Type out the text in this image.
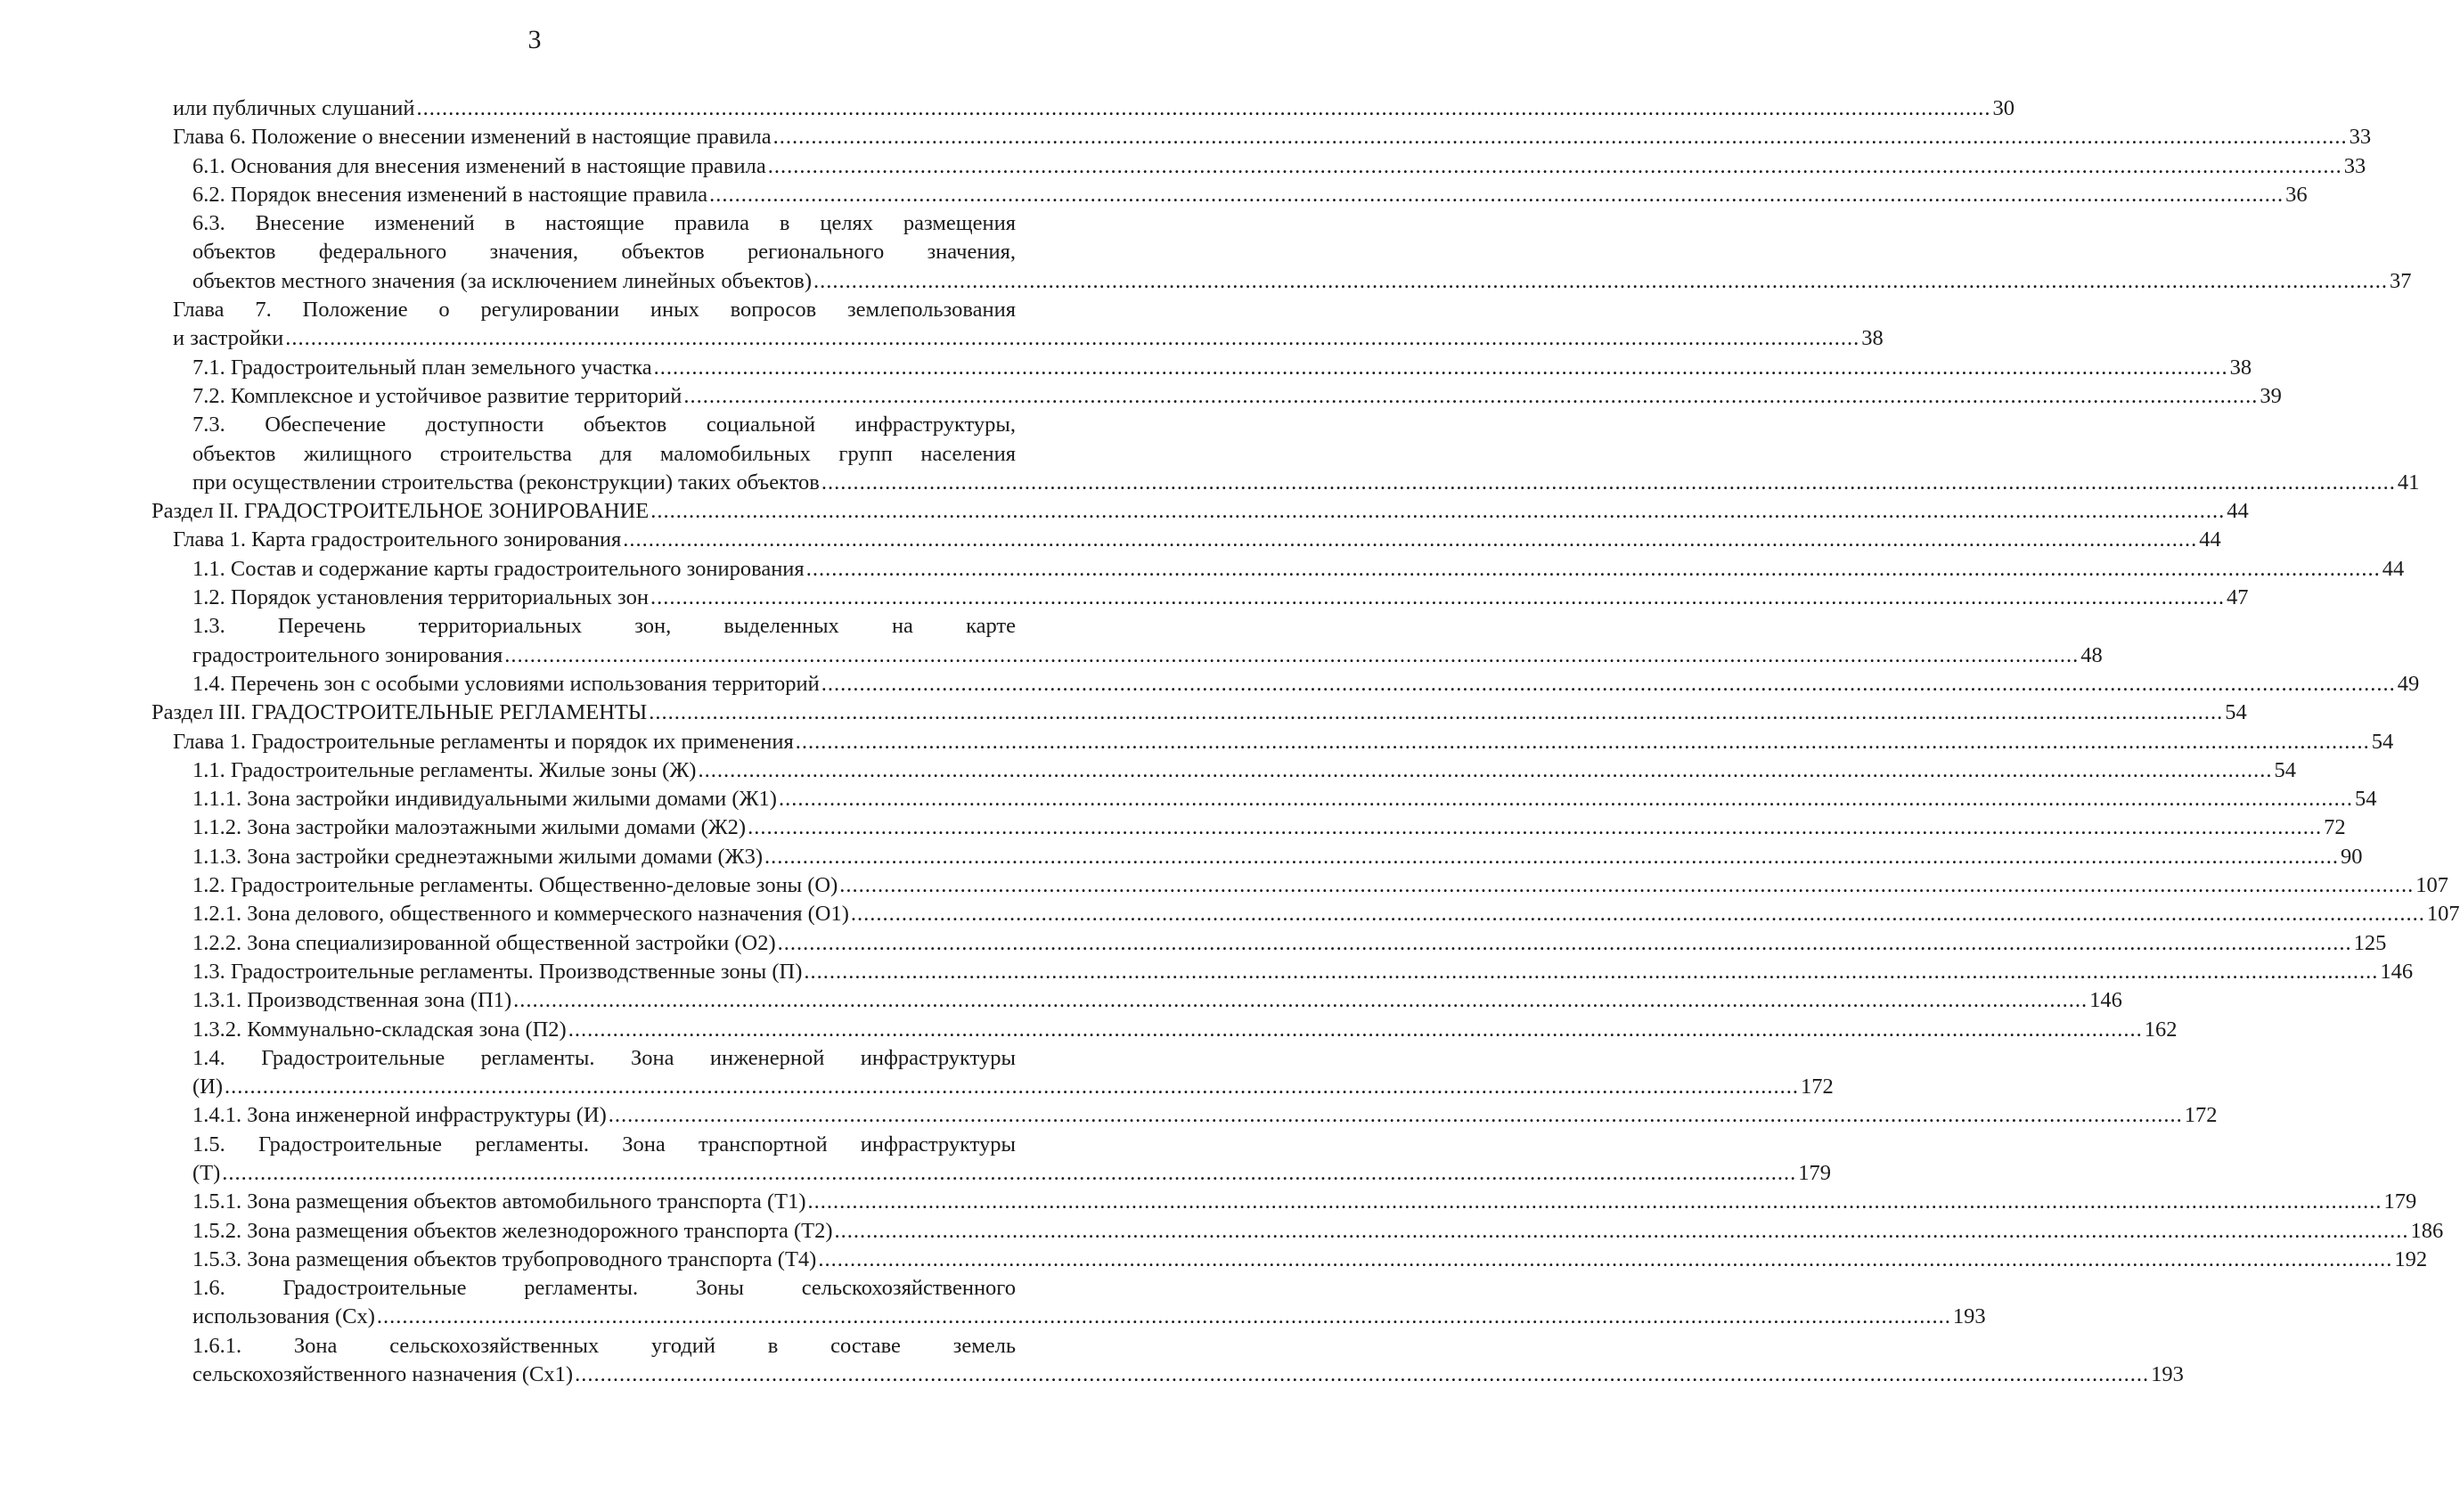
3
или публичных слушаний .....	30
Глава 6. Положение о внесении изменений в настоящие правила .....	33
6.1. Основания для внесения изменений в настоящие правила .....	33
6.2. Порядок внесения изменений в настоящие правила .....	36
6.3. Внесение изменений в настоящие правила в целях размещения
объектов федерального значения, объектов регионального значения,
объектов местного значения (за исключением линейных объектов) .....	37
Глава 7. Положение о регулировании иных вопросов землепользования
и застройки .....	38
7.1. Градостроительный план земельного участка .....	38
7.2. Комплексное и устойчивое развитие территорий .....	39
7.3. Обеспечение доступности объектов социальной инфраструктуры,
объектов жилищного строительства для маломобильных групп населения
при осуществлении строительства (реконструкции) таких объектов .....	41
Раздел II. ГРАДОСТРОИТЕЛЬНОЕ ЗОНИРОВАНИЕ .....	44
Глава 1. Карта градостроительного зонирования .....	44
1.1. Состав и содержание карты градостроительного зонирования .....	44
1.2. Порядок установления территориальных зон .....	47
1.3. Перечень территориальных зон, выделенных на карте
градостроительного зонирования .....	48
1.4. Перечень зон с особыми условиями использования территорий .....	49
Раздел III. ГРАДОСТРОИТЕЛЬНЫЕ РЕГЛАМЕНТЫ .....	54
Глава 1. Градостроительные регламенты и порядок их применения .....	54
1.1. Градостроительные регламенты. Жилые зоны (Ж) .....	54
1.1.1. Зона застройки индивидуальными жилыми домами (Ж1) .....	54
1.1.2. Зона застройки малоэтажными жилыми домами (Ж2) .....	72
1.1.3. Зона застройки среднеэтажными жилыми домами (Ж3) .....	90
1.2. Градостроительные регламенты. Общественно-деловые зоны (О) .....	107
1.2.1. Зона делового, общественного и коммерческого назначения (О1) .....	107
1.2.2. Зона специализированной общественной застройки (О2) .....	125
1.3. Градостроительные регламенты. Производственные зоны (П) .....	146
1.3.1. Производственная зона (П1) .....	146
1.3.2. Коммунально-складская зона (П2) .....	162
1.4. Градостроительные регламенты. Зона инженерной инфраструктуры
(И) .....	172
1.4.1. Зона инженерной инфраструктуры (И) .....	172
1.5. Градостроительные регламенты. Зона транспортной инфраструктуры
(Т) .....	179
1.5.1. Зона размещения объектов автомобильного транспорта (Т1) .....	179
1.5.2. Зона размещения объектов железнодорожного транспорта (Т2) .....	186
1.5.3. Зона размещения объектов трубопроводного транспорта (Т4) .....	192
1.6. Градостроительные регламенты. Зоны сельскохозяйственного
использования (Сх) .....	193
1.6.1. Зона сельскохозяйственных угодий в составе земель
сельскохозяйственного назначения (Сх1) .....	193
